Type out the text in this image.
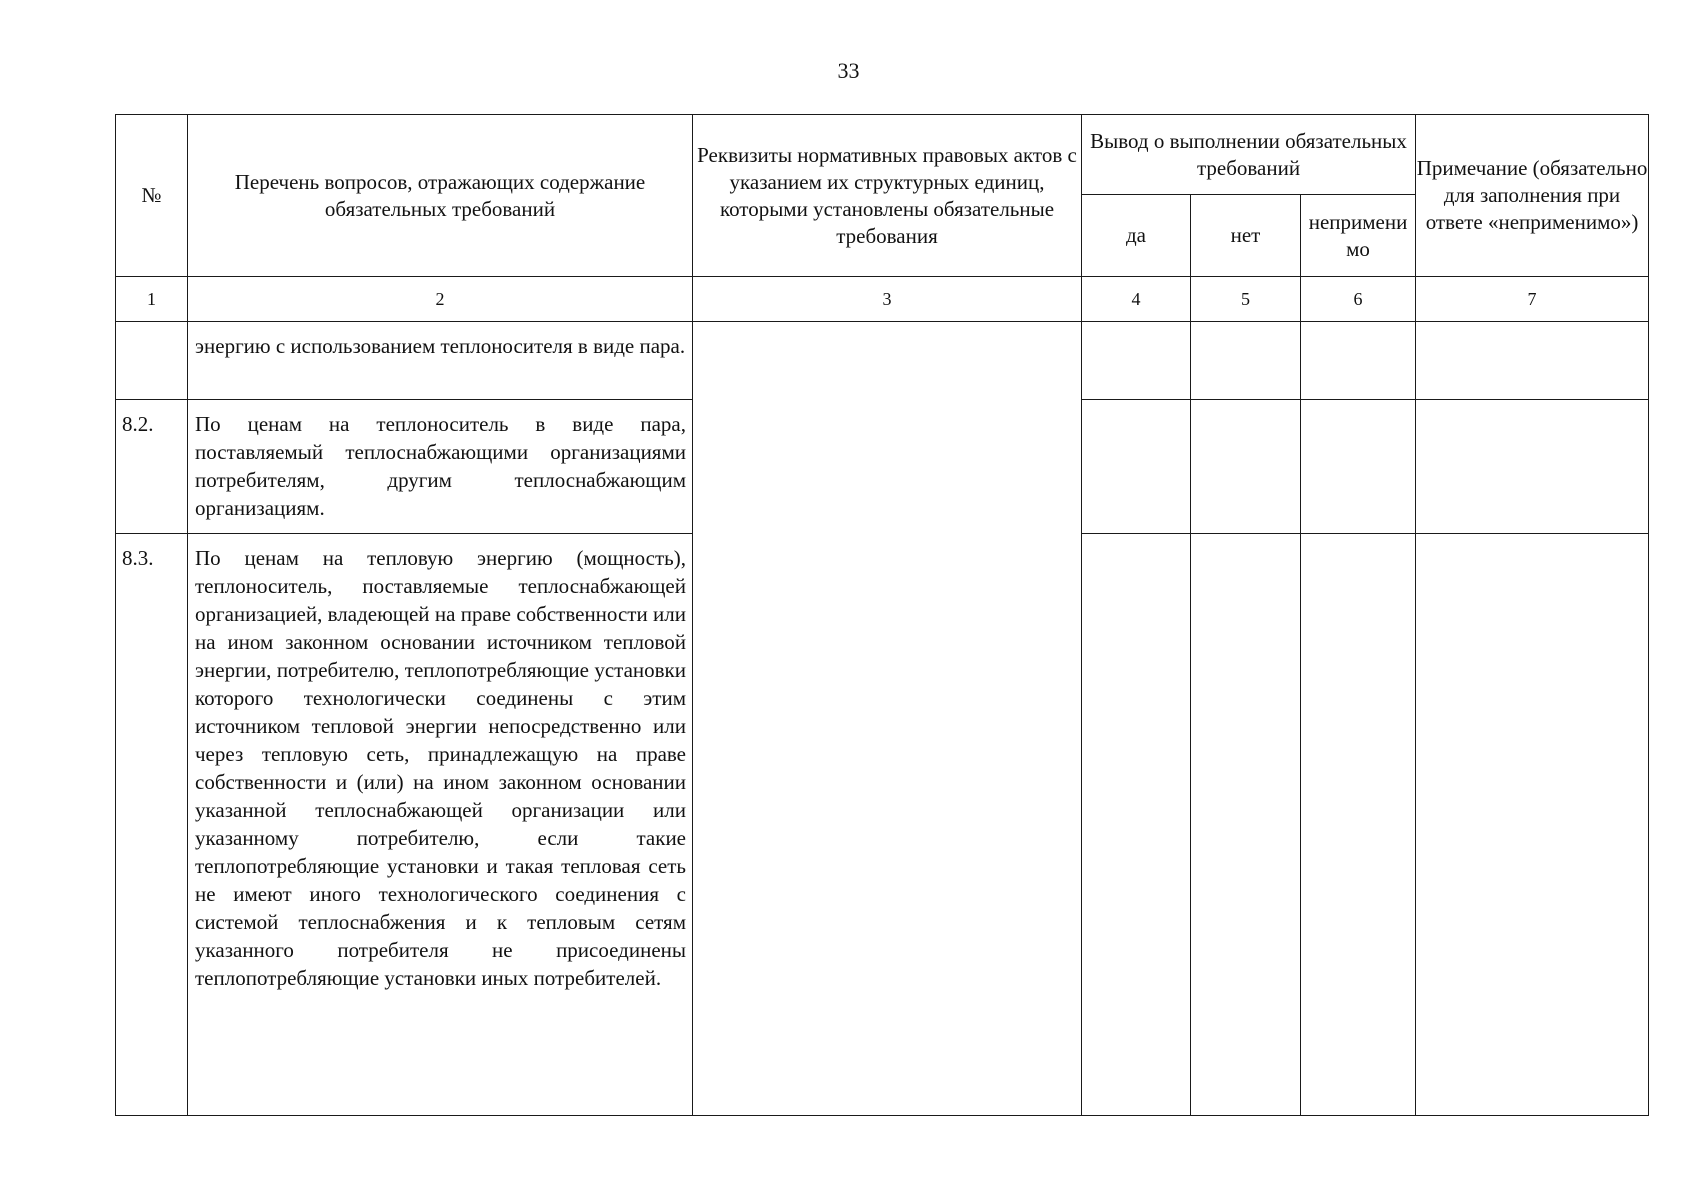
33
№	Перечень вопросов, отражающих содержание обязательных требований	Реквизиты нормативных правовых актов с указанием их структурных единиц, которыми установлены обязательные требования	Вывод о выполнении обязательных требований			Примечание (обязательно для заполнения при ответе «неприменимо»)
			да	нет	неприменимо	
1	2	3	4	5	6	7
	энергию с использованием теплоносителя в виде пара.					
8.2.	По ценам на теплоноситель в виде пара, поставляемый теплоснабжающими организациями потребителям, другим теплоснабжающим организациям.					
8.3.	По ценам на тепловую энергию (мощность), теплоноситель, поставляемые теплоснабжающей организацией, владеющей на праве собственности или на ином законном основании источником тепловой энергии, потребителю, теплопотребляющие установки которого технологически соединены с этим источником тепловой энергии непосредственно или через тепловую сеть, принадлежащую на праве собственности и (или) на ином законном основании указанной теплоснабжающей организации или указанному потребителю, если такие теплопотребляющие установки и такая тепловая сеть не имеют иного технологического соединения с системой теплоснабжения и к тепловым сетям указанного потребителя не присоединены теплопотребляющие установки иных потребителей.					
